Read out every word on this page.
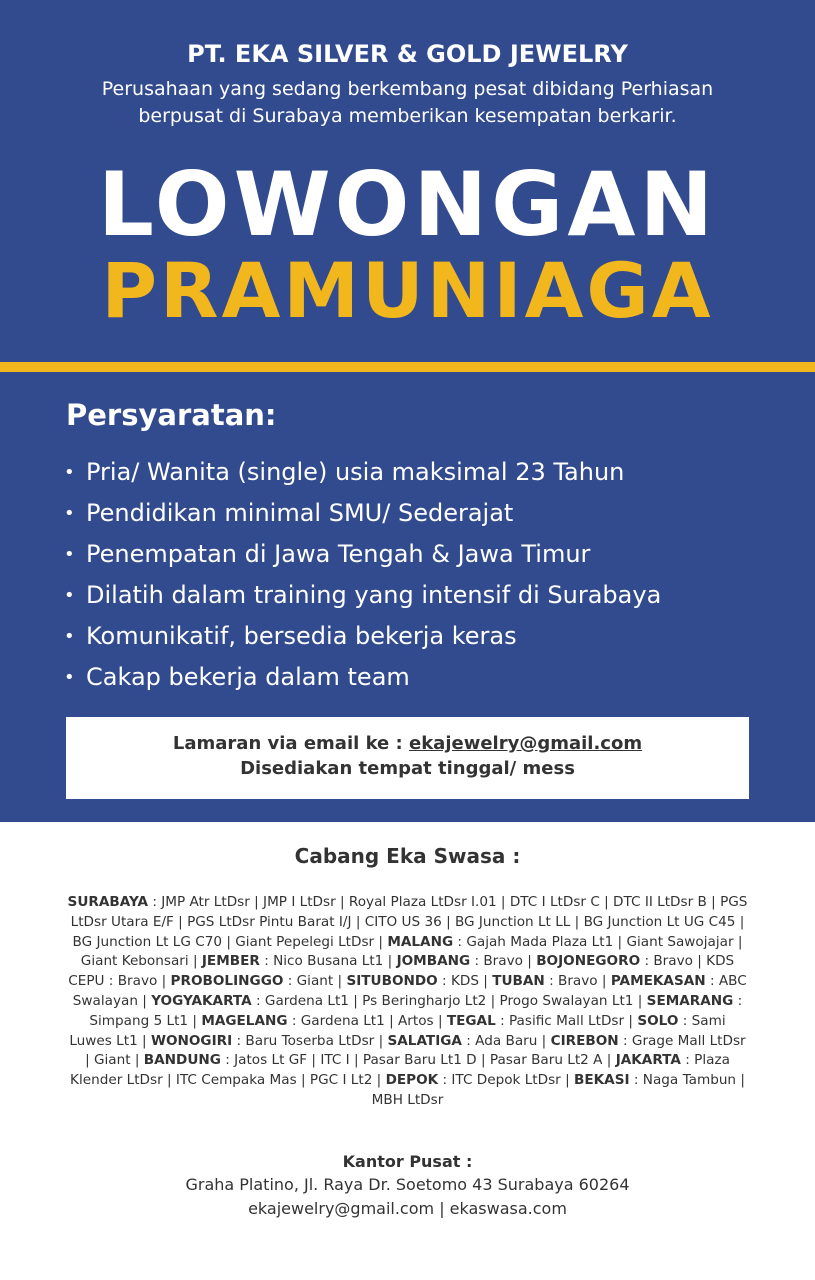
PT. EKA SILVER & GOLD JEWELRY
Perusahaan yang sedang berkembang pesat dibidang Perhiasan
berpusat di Surabaya memberikan kesempatan berkarir.
LOWONGAN
PRAMUNIAGA
Persyaratan:
• Pria/ Wanita (single) usia maksimal 23 Tahun
• Pendidikan minimal SMU/ Sederajat
• Penempatan di Jawa Tengah & Jawa Timur
• Dilatih dalam training yang intensif di Surabaya
• Komunikatif, bersedia bekerja keras
• Cakap bekerja dalam team
Lamaran via email ke : ekajewelry@gmail.com
Disediakan tempat tinggal/ mess
Cabang Eka Swasa :
SURABAYA : JMP Atr LtDsr | JMP I LtDsr | Royal Plaza LtDsr I.01 | DTC I LtDsr C | DTC II LtDsr B | PGS LtDsr Utara E/F | PGS LtDsr Pintu Barat I/J | CITO US 36 | BG Junction Lt LL | BG Junction Lt UG C45 | BG Junction Lt LG C70 | Giant Pepelegi LtDsr | MALANG : Gajah Mada Plaza Lt1 | Giant Sawojajar | Giant Kebonsari | JEMBER : Nico Busana Lt1 | JOMBANG : Bravo | BOJONEGORO : Bravo | KDS CEPU : Bravo | PROBOLINGGO : Giant | SITUBONDO : KDS | TUBAN : Bravo | PAMEKASAN : ABC Swalayan | YOGYAKARTA : Gardena Lt1 | Ps Beringharjo Lt2 | Progo Swalayan Lt1 | SEMARANG : Simpang 5 Lt1 | MAGELANG : Gardena Lt1 | Artos | TEGAL : Pasific Mall LtDsr | SOLO : Sami Luwes Lt1 | WONOGIRI : Baru Toserba LtDsr | SALATIGA : Ada Baru | CIREBON : Grage Mall LtDsr | Giant | BANDUNG : Jatos Lt GF | ITC I | Pasar Baru Lt1 D | Pasar Baru Lt2 A | JAKARTA : Plaza Klender LtDsr | ITC Cempaka Mas | PGC I Lt2 | DEPOK : ITC Depok LtDsr | BEKASI : Naga Tambun | MBH LtDsr
Kantor Pusat :
Graha Platino, Jl. Raya Dr. Soetomo 43 Surabaya 60264
ekajewelry@gmail.com | ekaswasa.com
